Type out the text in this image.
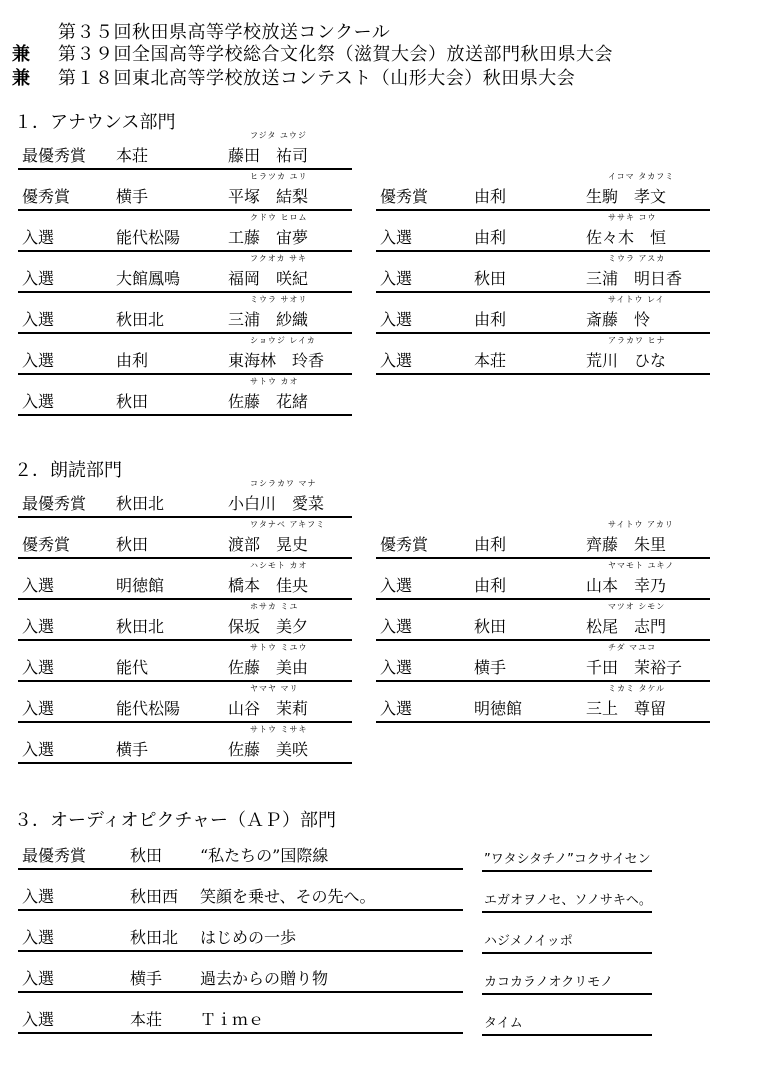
第３５回秋田県高等学校放送コンクール
兼 第３９回全国高等学校総合文化祭（滋賀大会）放送部門秋田県大会
兼 第１８回東北高等学校放送コンテスト（山形大会）秋田県大会
１．アナウンス部門
フジタ ユウジ
最優秀賞 本荘	藤田　祐司
ヒラツカ ユリ
優秀賞	横手	平塚　結梨
クドウ ヒロム
入選	能代松陽	工藤　宙夢
フクオカ サキ
入選	大館鳳鳴	福岡　咲紀
ミウラ サオリ
入選	秋田北	三浦　紗織
ショウジ レイカ
入選	由利	東海林　玲香
サトウ カオ
入選	秋田	佐藤　花緒
イコマ タカフミ
優秀賞	由利	生駒　孝文
ササキ コウ
入選	由利	佐々木　恒
ミウラ アスカ
入選	秋田	三浦　明日香
サイトウ レイ
入選	由利	斎藤　怜
アラカワ ヒナ
入選	本荘	荒川　ひな
２．朗読部門
コシラカワ マナ
最優秀賞 秋田北	小白川　愛菜
ワタナベ アキフミ
優秀賞	秋田	渡部　晃史
ハシモト カオ
入選	明徳館	橋本　佳央
ホサカ ミユ
入選	秋田北	保坂　美夕
サトウ ミユウ
入選	能代	佐藤　美由
ヤマヤ マリ
入選	能代松陽	山谷　茉莉
サトウ ミサキ
入選	横手	佐藤　美咲
サイトウ アカリ
優秀賞	由利	齊藤　朱里
ヤマモト ユキノ
入選	由利	山本　幸乃
マツオ シモン
入選	秋田	松尾　志門
チダ マユコ
入選	横手	千田　茉裕子
ミカミ タケル
入選	明徳館	三上　尊留
３．オーディオピクチャー（ＡＰ）部門
最優秀賞	秋田 “私たちの”国際線	”ワタシタチノ”コクサイセン
入選	秋田西 笑顔を乗せ、その先へ。	エガオヲノセ、ソノサキヘ。
入選	秋田北 はじめの一歩	ハジメノイッポ
入選	横手 過去からの贈り物	カコカラノオクリモノ
入選	本荘 Ｔｉｍｅ	タイム
